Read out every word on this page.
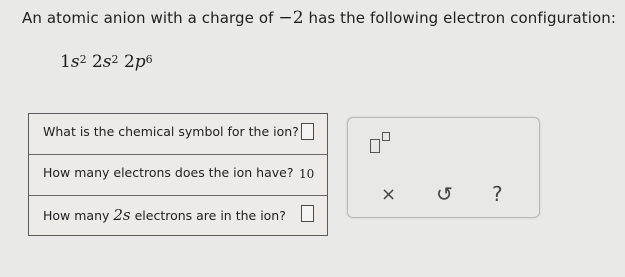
An atomic anion with a charge of −2 has the following electron configuration:
$1s^2$ $2s^2$ $2p^6$
What is the chemical symbol for the ion?
How many electrons does the ion have? 10
How many 2s electrons are in the ion?
× ↺ ?
